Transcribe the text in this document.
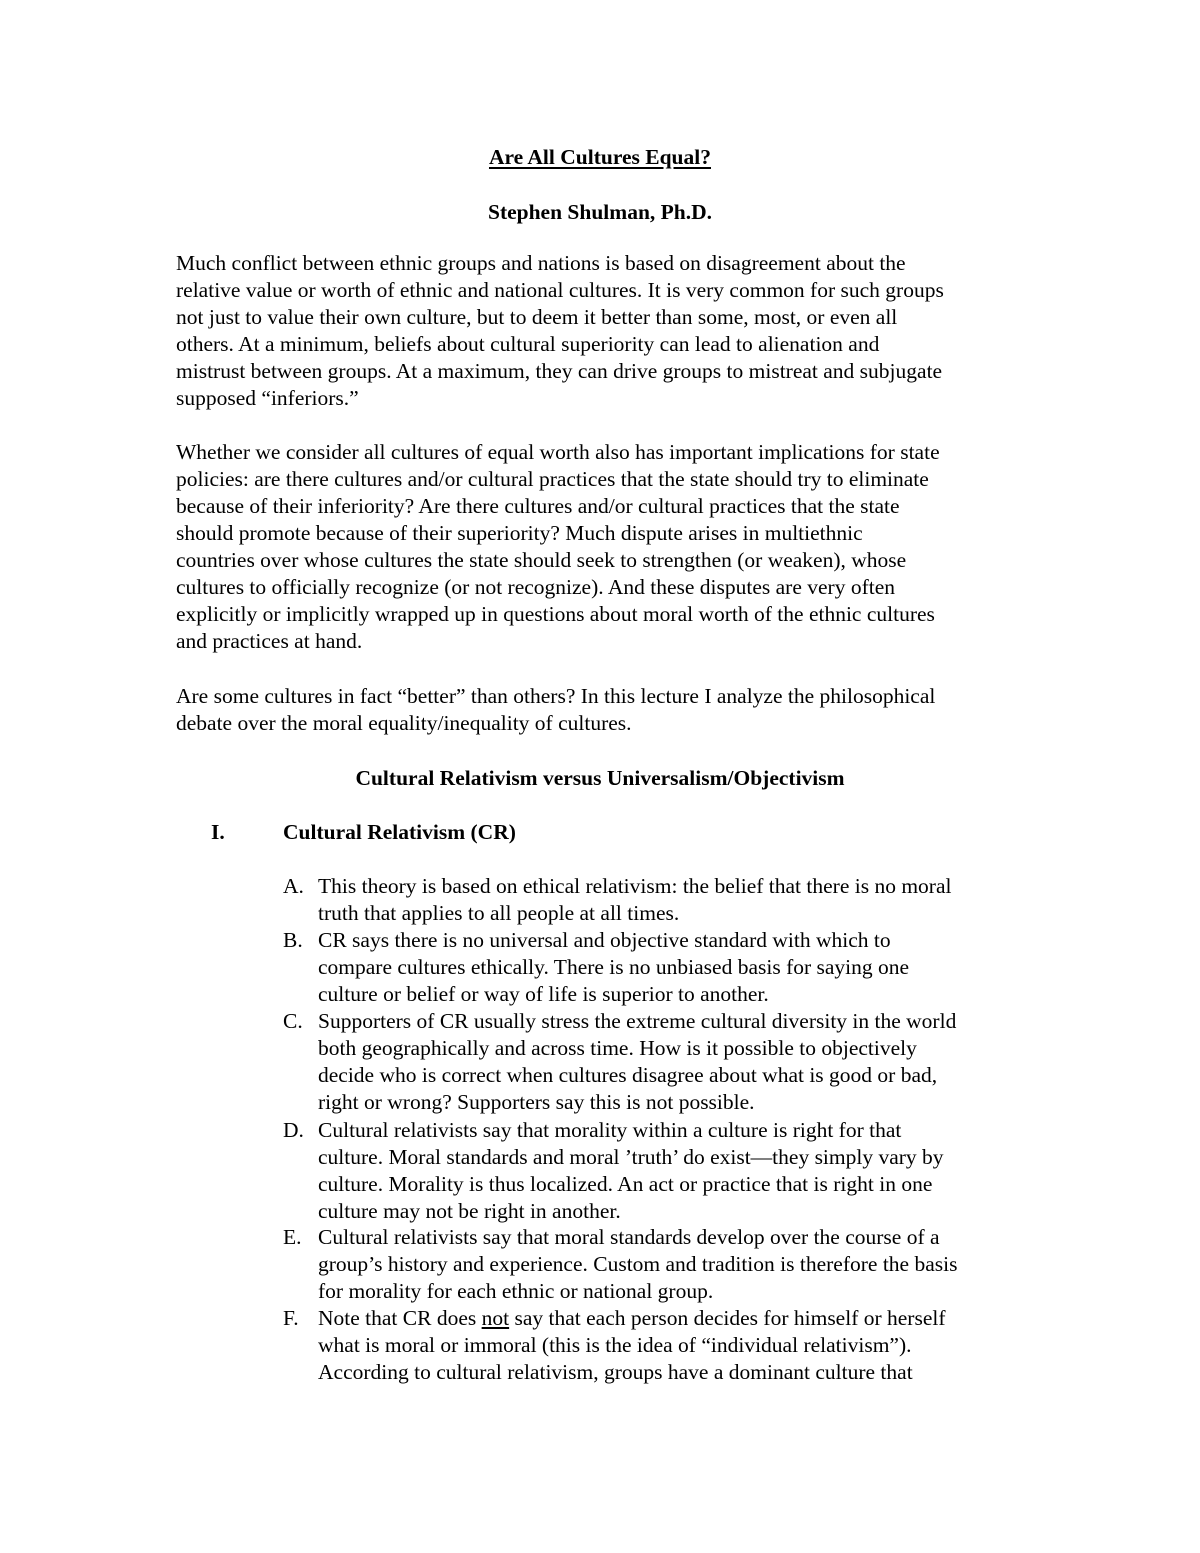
Are All Cultures Equal?
Stephen Shulman, Ph.D.

Much conflict between ethnic groups and nations is based on disagreement about the
relative value or worth of ethnic and national cultures. It is very common for such groups
not just to value their own culture, but to deem it better than some, most, or even all
others. At a minimum, beliefs about cultural superiority can lead to alienation and
mistrust between groups. At a maximum, they can drive groups to mistreat and subjugate
supposed “inferiors.”

Whether we consider all cultures of equal worth also has important implications for state
policies: are there cultures and/or cultural practices that the state should try to eliminate
because of their inferiority? Are there cultures and/or cultural practices that the state
should promote because of their superiority? Much dispute arises in multiethnic
countries over whose cultures the state should seek to strengthen (or weaken), whose
cultures to officially recognize (or not recognize). And these disputes are very often
explicitly or implicitly wrapped up in questions about moral worth of the ethnic cultures
and practices at hand.

Are some cultures in fact “better” than others? In this lecture I analyze the philosophical
debate over the moral equality/inequality of cultures.

Cultural Relativism versus Universalism/Objectivism
I.	Cultural Relativism (CR)
A. This theory is based on ethical relativism: the belief that there is no moral
truth that applies to all people at all times.
B. CR says there is no universal and objective standard with which to
compare cultures ethically. There is no unbiased basis for saying one
culture or belief or way of life is superior to another.
C. Supporters of CR usually stress the extreme cultural diversity in the world
both geographically and across time. How is it possible to objectively
decide who is correct when cultures disagree about what is good or bad,
right or wrong? Supporters say this is not possible.
D. Cultural relativists say that morality within a culture is right for that
culture. Moral standards and moral ’truth’ do exist—they simply vary by
culture. Morality is thus localized. An act or practice that is right in one
culture may not be right in another.
E. Cultural relativists say that moral standards develop over the course of a
group’s history and experience. Custom and tradition is therefore the basis
for morality for each ethnic or national group.
F. Note that CR does not say that each person decides for himself or herself
what is moral or immoral (this is the idea of “individual relativism”).
According to cultural relativism, groups have a dominant culture that
